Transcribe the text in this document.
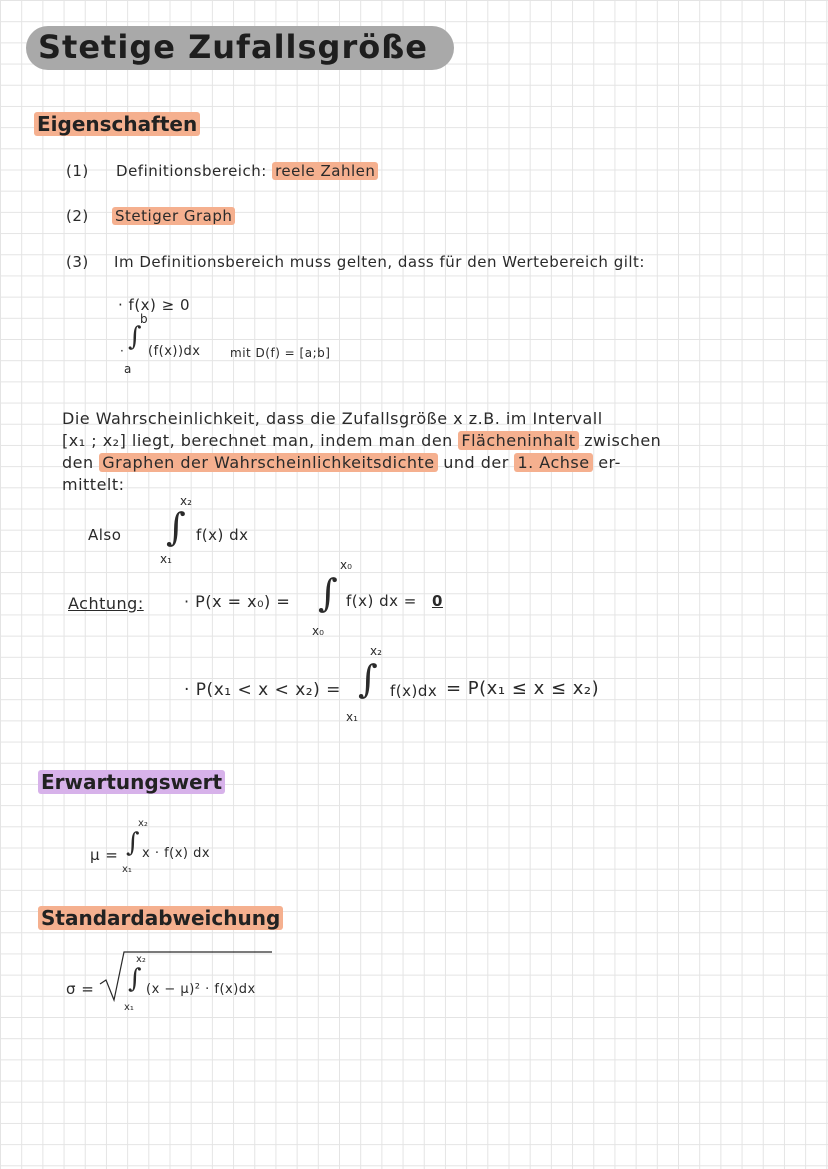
Stetige Zufallsgröße
Eigenschaften
(1) Definitionsbereich: reele Zahlen
(2) Stetiger Graph
(3) Im Definitionsbereich muss gelten, dass für den Wertebereich gilt:
· f(x) ≥ 0
b
· ∫
a
(f(x))dx mit D(f) = [a;b]
Die Wahrscheinlichkeit, dass die Zufallsgröße x z.B. im Intervall
[x₁ ; x₂] liegt, berechnet man, indem man den Flächeninhalt zwischen
den Graphen der Wahrscheinlichkeitsdichte und der 1. Achse er-
mittelt:
Also
x₂
∫
x₁
f(x) dx
Achtung:	· P(x = x₀) =
x₀
∫
x₀
f(x) dx = 0
· P(x₁ < x < x₂) =
x₂
∫
x₁
f(x)dx = P(x₁ ≤ x ≤ x₂)
Erwartungswert
μ =
x₂
∫
x₁
x · f(x) dx
Standardabweichung
σ =
x₂
∫
x₁
(x − μ)² · f(x)dx
